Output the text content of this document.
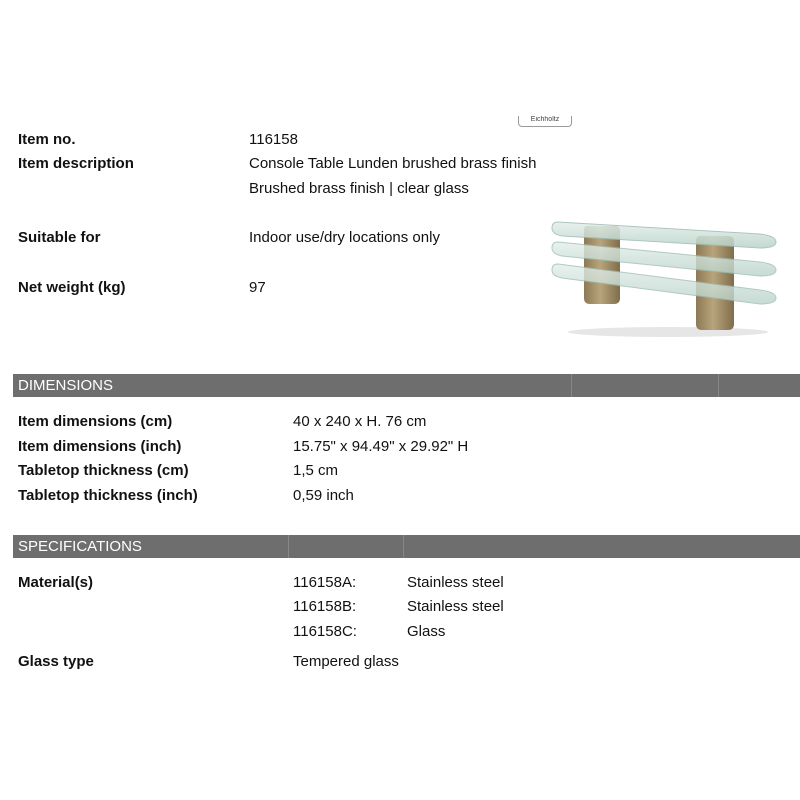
Eichholtz
Item no.	116158
Item description	Console Table Lunden brushed brass finish
Brushed brass finish | clear glass
Suitable for	Indoor use/dry locations only
Net weight (kg)	97
DIMENSIONS
Item dimensions (cm)	40 x 240 x H. 76 cm
Item dimensions (inch)	15.75" x 94.49" x 29.92" H
Tabletop thickness (cm)	1,5 cm
Tabletop thickness (inch)	0,59 inch
SPECIFICATIONS
Material(s)	116158A:	Stainless steel
116158B:	Stainless steel
116158C:	Glass
Glass type	Tempered glass
